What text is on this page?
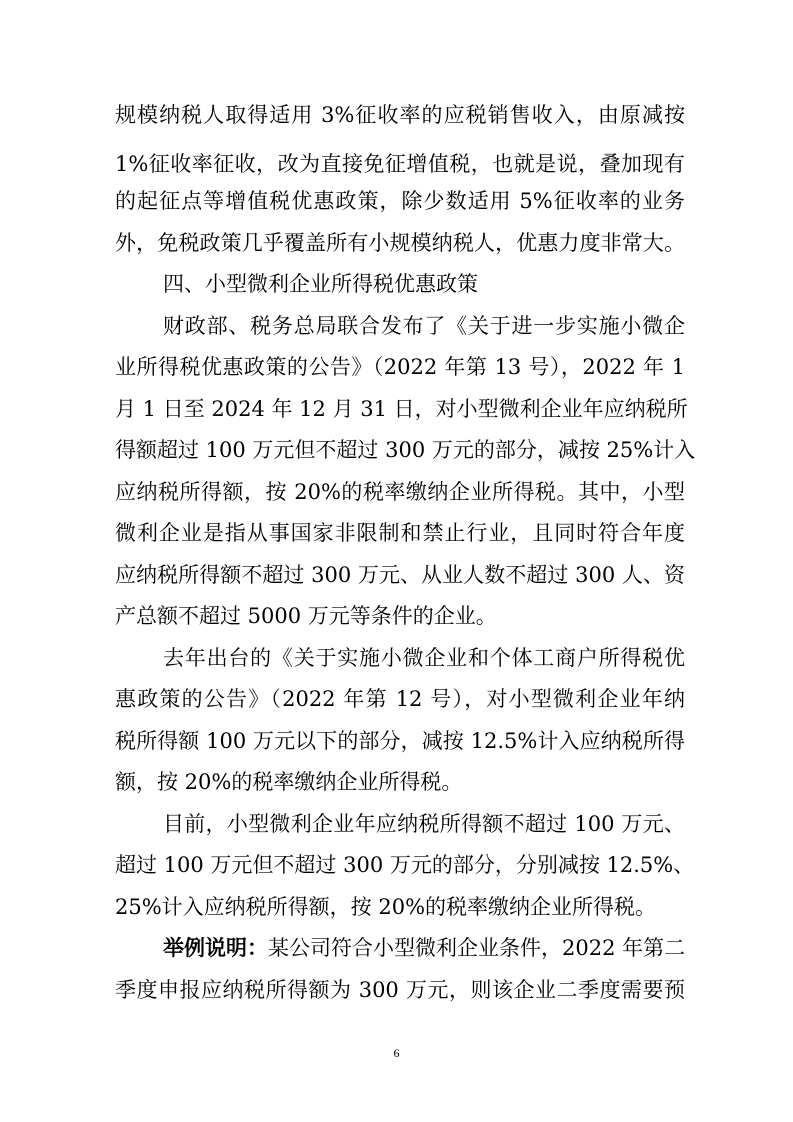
规模纳税人取得适用 3%征收率的应税销售收入，由原减按
1%征收率征收，改为直接免征增值税，也就是说，叠加现有
的起征点等增值税优惠政策，除少数适用 5%征收率的业务
外，免税政策几乎覆盖所有小规模纳税人，优惠力度非常大。
四、小型微利企业所得税优惠政策
财政部、税务总局联合发布了《关于进一步实施小微企
业所得税优惠政策的公告》（2022 年第 13 号），2022 年 1
月 1 日至 2024 年 12 月 31 日，对小型微利企业年应纳税所
得额超过 100 万元但不超过 300 万元的部分，减按 25%计入
应纳税所得额，按 20%的税率缴纳企业所得税。其中，小型
微利企业是指从事国家非限制和禁止行业，且同时符合年度
应纳税所得额不超过 300 万元、从业人数不超过 300 人、资
产总额不超过 5000 万元等条件的企业。
去年出台的《关于实施小微企业和个体工商户所得税优
惠政策的公告》（2022 年第 12 号），对小型微利企业年纳
税所得额 100 万元以下的部分，减按 12.5%计入应纳税所得
额，按 20%的税率缴纳企业所得税。
目前，小型微利企业年应纳税所得额不超过 100 万元、
超过 100 万元但不超过 300 万元的部分，分别减按 12.5%、
25%计入应纳税所得额，按 20%的税率缴纳企业所得税。
举例说明：某公司符合小型微利企业条件，2022 年第二
季度申报应纳税所得额为 300 万元，则该企业二季度需要预
6
